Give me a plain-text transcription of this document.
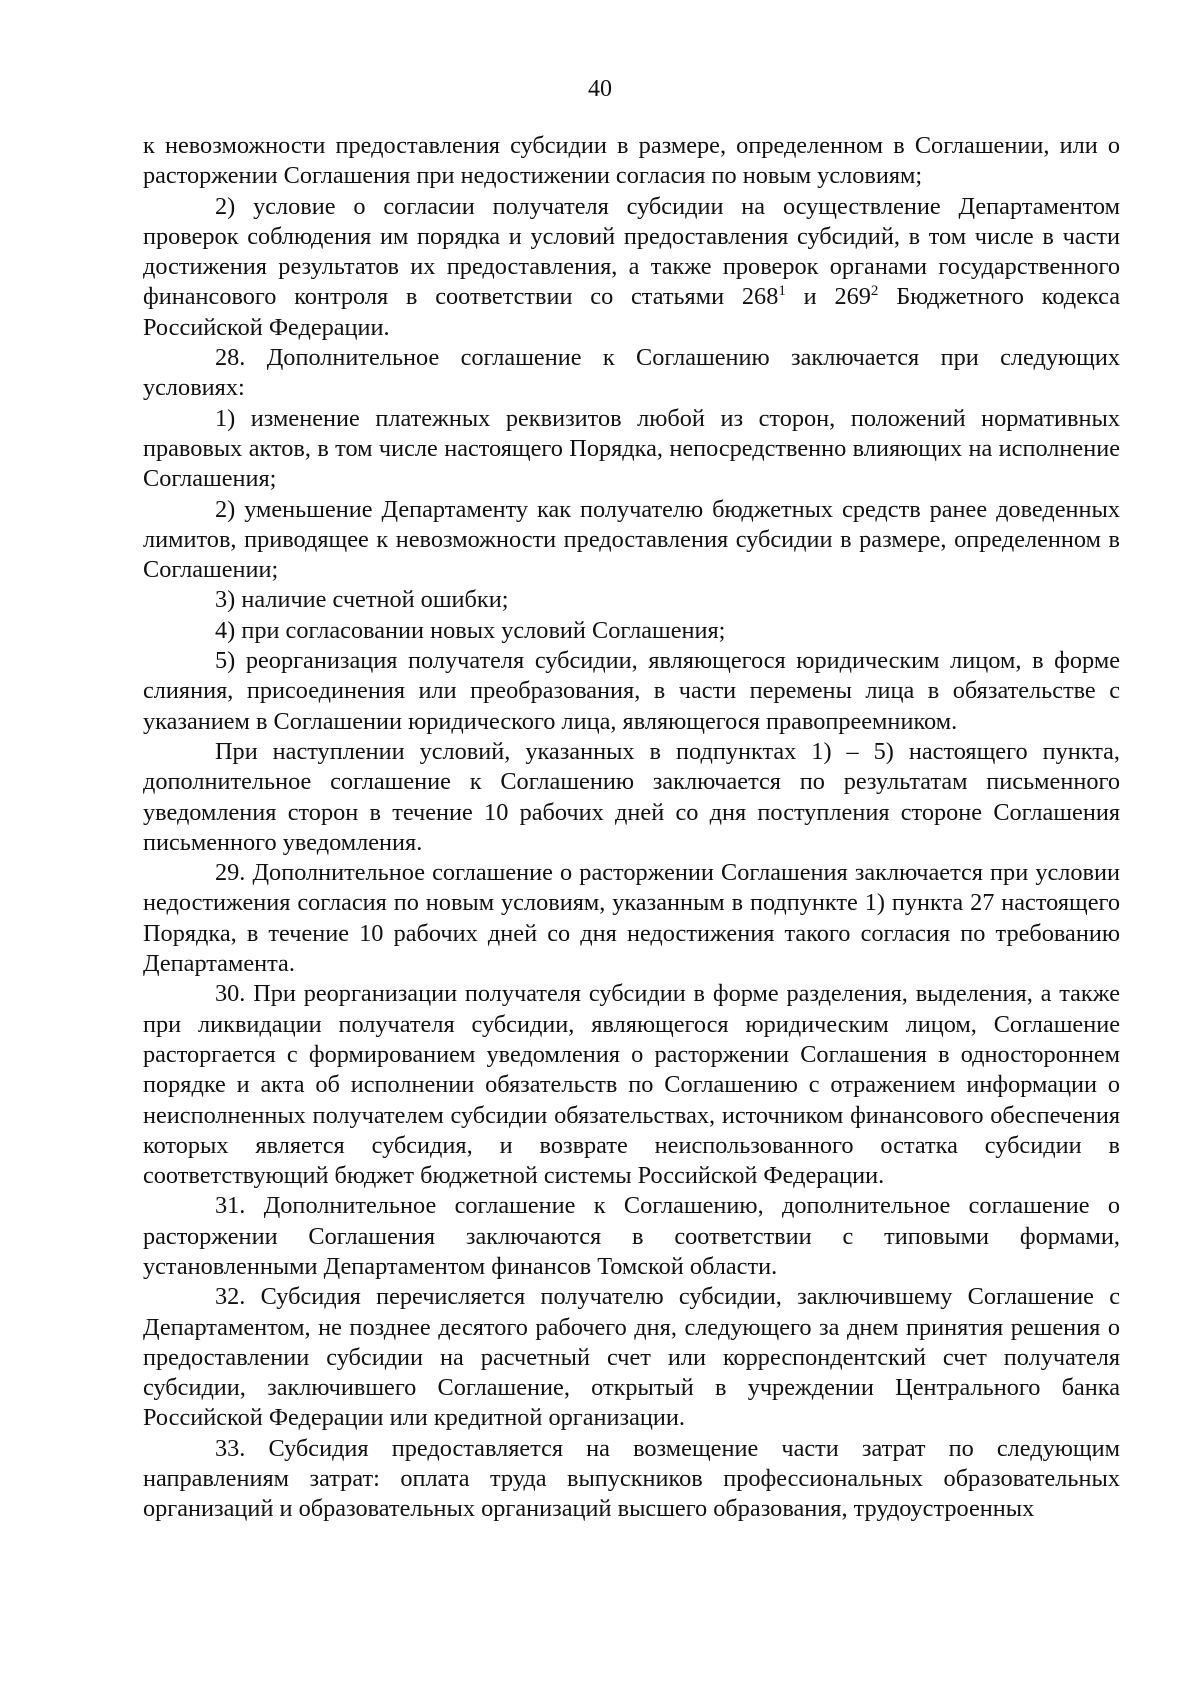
40

к невозможности предоставления субсидии в размере, определенном в Соглашении, или о расторжении Соглашения при недостижении согласия по новым условиям;

2) условие о согласии получателя субсидии на осуществление Департаментом проверок соблюдения им порядка и условий предоставления субсидий, в том числе в части достижения результатов их предоставления, а также проверок органами государственного финансового контроля в соответствии со статьями $268^1$ и $269^2$ Бюджетного кодекса Российской Федерации.

28. Дополнительное соглашение к Соглашению заключается при следующих условиях:

1) изменение платежных реквизитов любой из сторон, положений нормативных правовых актов, в том числе настоящего Порядка, непосредственно влияющих на исполнение Соглашения;

2) уменьшение Департаменту как получателю бюджетных средств ранее доведенных лимитов, приводящее к невозможности предоставления субсидии в размере, определенном в Соглашении;

3) наличие счетной ошибки;

4) при согласовании новых условий Соглашения;

5) реорганизация получателя субсидии, являющегося юридическим лицом, в форме слияния, присоединения или преобразования, в части перемены лица в обязательстве с указанием в Соглашении юридического лица, являющегося правопреемником.

При наступлении условий, указанных в подпунктах 1) – 5) настоящего пункта, дополнительное соглашение к Соглашению заключается по результатам письменного уведомления сторон в течение 10 рабочих дней со дня поступления стороне Соглашения письменного уведомления.

29. Дополнительное соглашение о расторжении Соглашения заключается при условии недостижения согласия по новым условиям, указанным в подпункте 1) пункта 27 настоящего Порядка, в течение 10 рабочих дней со дня недостижения такого согласия по требованию Департамента.

30. При реорганизации получателя субсидии в форме разделения, выделения, а также при ликвидации получателя субсидии, являющегося юридическим лицом, Соглашение расторгается с формированием уведомления о расторжении Соглашения в одностороннем порядке и акта об исполнении обязательств по Соглашению с отражением информации о неисполненных получателем субсидии обязательствах, источником финансового обеспечения которых является субсидия, и возврате неиспользованного остатка субсидии в соответствующий бюджет бюджетной системы Российской Федерации.

31. Дополнительное соглашение к Соглашению, дополнительное соглашение о расторжении Соглашения заключаются в соответствии с типовыми формами, установленными Департаментом финансов Томской области.

32. Субсидия перечисляется получателю субсидии, заключившему Соглашение с Департаментом, не позднее десятого рабочего дня, следующего за днем принятия решения о предоставлении субсидии на расчетный счет или корреспондентский счет получателя субсидии, заключившего Соглашение, открытый в учреждении Центрального банка Российской Федерации или кредитной организации.

33. Субсидия предоставляется на возмещение части затрат по следующим направлениям затрат: оплата труда выпускников профессиональных образовательных организаций и образовательных организаций высшего образования, трудоустроенных
